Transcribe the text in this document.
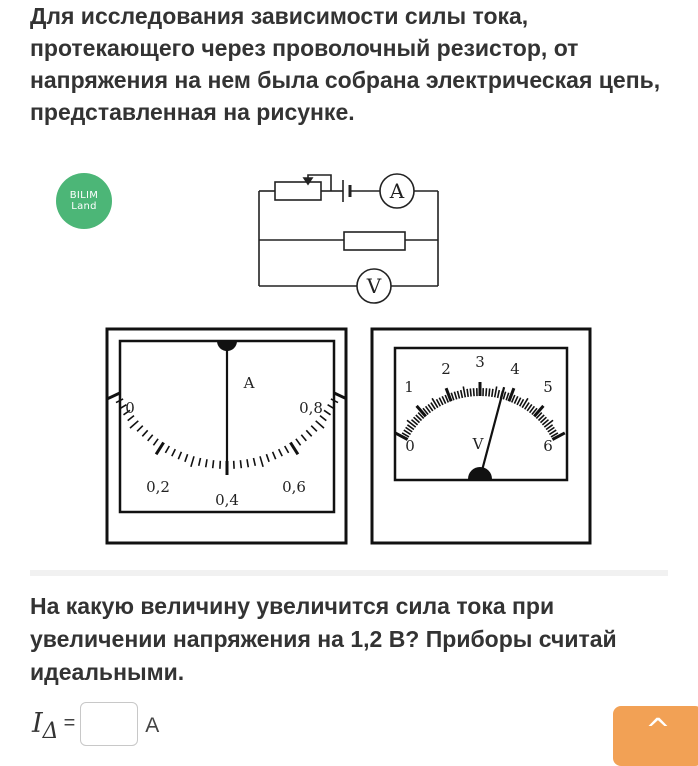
Для исследования зависимости силы тока, протекающего через проволочный резистор, от напряжения на нем была собрана электрическая цепь, представленная на рисунке.

BILIM
Land
A
V
A
0
0,2
0,4
0,6
0,8
0
1
2 3 4
5
6
V

На какую величину увеличится сила тока при увеличении напряжения на 1,2 В? Приборы считай идеальными.

$I_\Delta$ =	А	^
